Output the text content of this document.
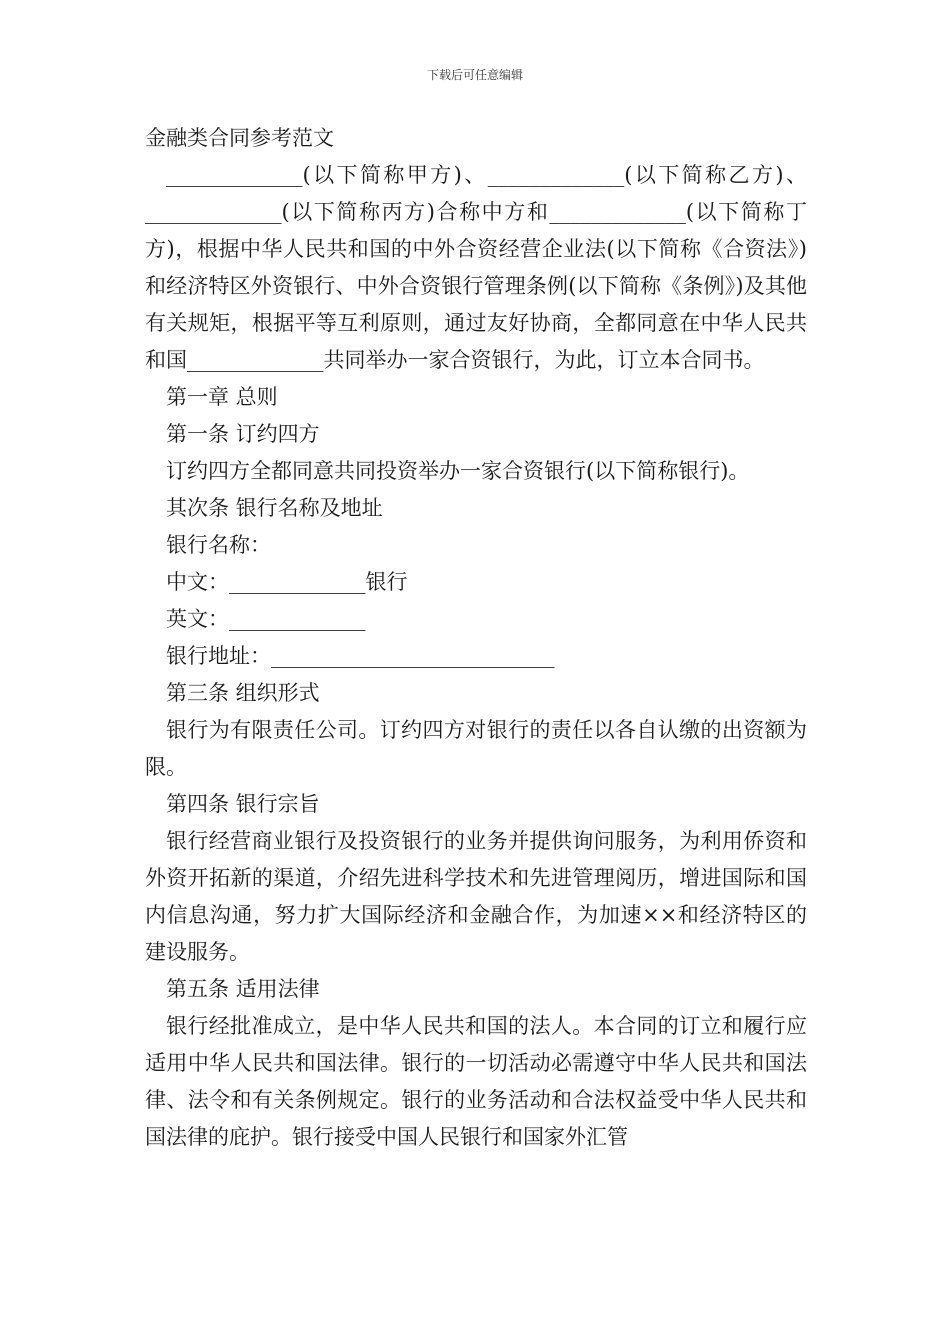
下载后可任意编辑
金融类合同参考范文

_____________(以下简称甲方)、_____________(以下简称乙方)、_____________(以下简称丙方)合称中方和_____________(以下简称丁方)，根据中华人民共和国的中外合资经营企业法(以下简称《合资法》)和经济特区外资银行、中外合资银行管理条例(以下简称《条例》)及其他有关规矩，根据平等互利原则，通过友好协商，全都同意在中华人民共和国_____________共同举办一家合资银行，为此，订立本合同书。

第一章 总则

第一条 订约四方

订约四方全都同意共同投资举办一家合资银行(以下简称银行)。

其次条 银行名称及地址

银行名称：

中文：_____________银行

英文：_____________

银行地址：___________________________

第三条 组织形式

银行为有限责任公司。订约四方对银行的责任以各自认缴的出资额为限。

第四条 银行宗旨

银行经营商业银行及投资银行的业务并提供询问服务，为利用侨资和外资开拓新的渠道，介绍先进科学技术和先进管理阅历，增进国际和国内信息沟通，努力扩大国际经济和金融合作，为加速××和经济特区的建设服务。

第五条 适用法律

银行经批准成立，是中华人民共和国的法人。本合同的订立和履行应适用中华人民共和国法律。银行的一切活动必需遵守中华人民共和国法律、法令和有关条例规定。银行的业务活动和合法权益受中华人民共和国法律的庇护。银行接受中国人民银行和国家外汇管
